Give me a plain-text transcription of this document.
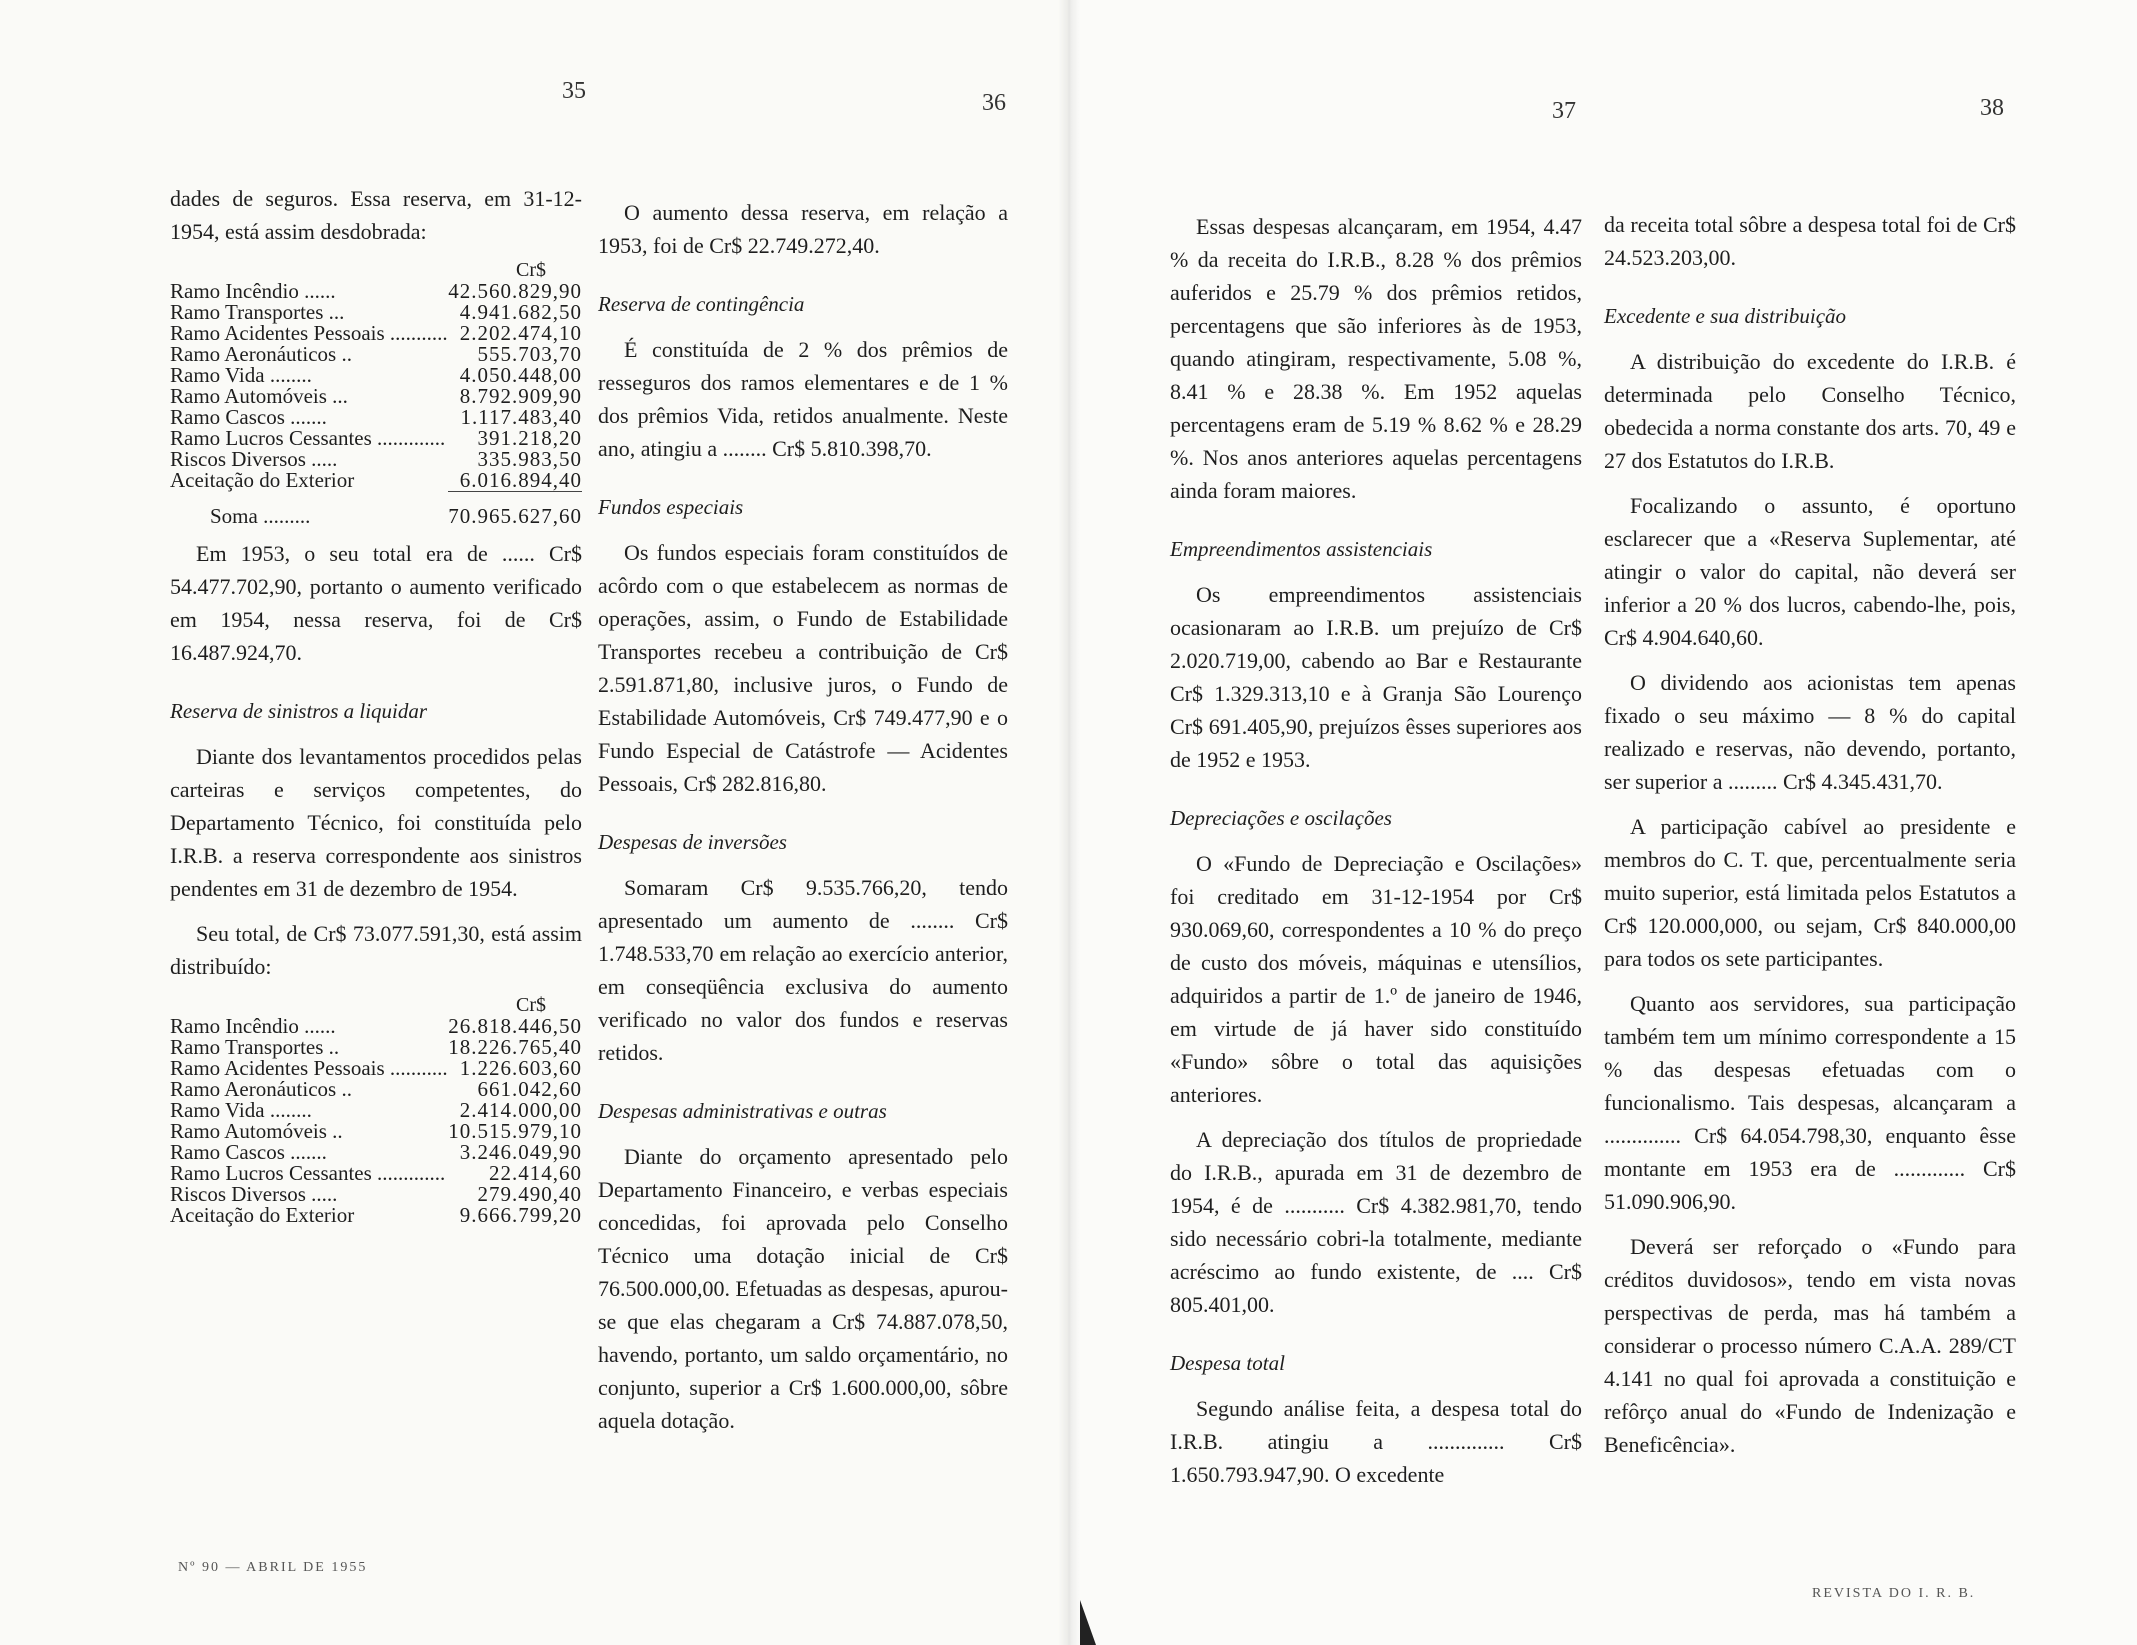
35	36	37	38

dades de seguros. Essa reserva, em 31-12-1954, está assim desdobrada:

	Cr$
Ramo Incêndio ......	42.560.829,90
Ramo Transportes ...	4.941.682,50
Ramo Acidentes Pessoais ...........	2.202.474,10
Ramo Aeronáuticos ..	555.703,70
Ramo Vida ........	4.050.448,00
Ramo Automóveis ...	8.792.909,90
Ramo Cascos .......	1.117.483,40
Ramo Lucros Cessantes .............	391.218,20
Riscos Diversos .....	335.983,50
Aceitação do Exterior	6.016.894,40
Soma .........	70.965.627,60

Em 1953, o seu total era de ...... Cr$ 54.477.702,90, portanto o aumento verificado em 1954, nessa reserva, foi de Cr$ 16.487.924,70.

Reserva de sinistros a liquidar

Diante dos levantamentos procedidos pelas carteiras e serviços competentes, do Departamento Técnico, foi constituída pelo I.R.B. a reserva correspondente aos sinistros pendentes em 31 de dezembro de 1954.

Seu total, de Cr$ 73.077.591,30, está assim distribuído:

	Cr$
Ramo Incêndio ......	26.818.446,50
Ramo Transportes ..	18.226.765,40
Ramo Acidentes Pessoais ...........	1.226.603,60
Ramo Aeronáuticos ..	661.042,60
Ramo Vida ........	2.414.000,00
Ramo Automóveis ..	10.515.979,10
Ramo Cascos .......	3.246.049,90
Ramo Lucros Cessantes .............	22.414,60
Riscos Diversos .....	279.490,40
Aceitação do Exterior	9.666.799,20

O aumento dessa reserva, em relação a 1953, foi de Cr$ 22.749.272,40.

Reserva de contingência

É constituída de 2 % dos prêmios de resseguros dos ramos elementares e de 1 % dos prêmios Vida, retidos anualmente. Neste ano, atingiu a ........ Cr$ 5.810.398,70.

Fundos especiais

Os fundos especiais foram constituídos de acôrdo com o que estabelecem as normas de operações, assim, o Fundo de Estabilidade Transportes recebeu a contribuição de Cr$ 2.591.871,80, inclusive juros, o Fundo de Estabilidade Automóveis, Cr$ 749.477,90 e o Fundo Especial de Catástrofe — Acidentes Pessoais, Cr$ 282.816,80.

Despesas de inversões

Somaram Cr$ 9.535.766,20, tendo apresentado um aumento de ........ Cr$ 1.748.533,70 em relação ao exercício anterior, em conseqüência exclusiva do aumento verificado no valor dos fundos e reservas retidos.

Despesas administrativas e outras

Diante do orçamento apresentado pelo Departamento Financeiro, e verbas especiais concedidas, foi aprovada pelo Conselho Técnico uma dotação inicial de Cr$ 76.500.000,00. Efetuadas as despesas, apurou-se que elas chegaram a Cr$ 74.887.078,50, havendo, portanto, um saldo orçamentário, no conjunto, superior a Cr$ 1.600.000,00, sôbre aquela dotação.

Essas despesas alcançaram, em 1954, 4.47 % da receita do I.R.B., 8.28 % dos prêmios auferidos e 25.79 % dos prêmios retidos, percentagens que são inferiores às de 1953, quando atingiram, respectivamente, 5.08 %, 8.41 % e 28.38 %. Em 1952 aquelas percentagens eram de 5.19 % 8.62 % e 28.29 %. Nos anos anteriores aquelas percentagens ainda foram maiores.

Empreendimentos assistenciais

Os empreendimentos assistenciais ocasionaram ao I.R.B. um prejuízo de Cr$ 2.020.719,00, cabendo ao Bar e Restaurante Cr$ 1.329.313,10 e à Granja São Lourenço Cr$ 691.405,90, prejuízos êsses superiores aos de 1952 e 1953.

Depreciações e oscilações

O «Fundo de Depreciação e Oscilações» foi creditado em 31-12-1954 por Cr$ 930.069,60, correspondentes a 10 % do preço de custo dos móveis, máquinas e utensílios, adquiridos a partir de 1.º de janeiro de 1946, em virtude de já haver sido constituído «Fundo» sôbre o total das aquisições anteriores.

A depreciação dos títulos de propriedade do I.R.B., apurada em 31 de dezembro de 1954, é de ........... Cr$ 4.382.981,70, tendo sido necessário cobri-la totalmente, mediante acréscimo ao fundo existente, de .... Cr$ 805.401,00.

Despesa total

Segundo análise feita, a despesa total do I.R.B. atingiu a .............. Cr$ 1.650.793.947,90. O excedente

da receita total sôbre a despesa total foi de Cr$ 24.523.203,00.

Excedente e sua distribuição

A distribuição do excedente do I.R.B. é determinada pelo Conselho Técnico, obedecida a norma constante dos arts. 70, 49 e 27 dos Estatutos do I.R.B.

Focalizando o assunto, é oportuno esclarecer que a «Reserva Suplementar, até atingir o valor do capital, não deverá ser inferior a 20 % dos lucros, cabendo-lhe, pois, Cr$ 4.904.640,60.

O dividendo aos acionistas tem apenas fixado o seu máximo — 8 % do capital realizado e reservas, não devendo, portanto, ser superior a ......... Cr$ 4.345.431,70.

A participação cabível ao presidente e membros do C. T. que, percentualmente seria muito superior, está limitada pelos Estatutos a Cr$ 120.000,000, ou sejam, Cr$ 840.000,00 para todos os sete participantes.

Quanto aos servidores, sua participação também tem um mínimo correspondente a 15 % das despesas efetuadas com o funcionalismo. Tais despesas, alcançaram a .............. Cr$ 64.054.798,30, enquanto êsse montante em 1953 era de ............. Cr$ 51.090.906,90.

Deverá ser reforçado o «Fundo para créditos duvidosos», tendo em vista novas perspectivas de perda, mas há também a considerar o processo número C.A.A. 289/CT 4.141 no qual foi aprovada a constituição e refôrço anual do «Fundo de Indenização e Beneficência».

Nº 90 — ABRIL DE 1955
REVISTA DO I. R. B.
